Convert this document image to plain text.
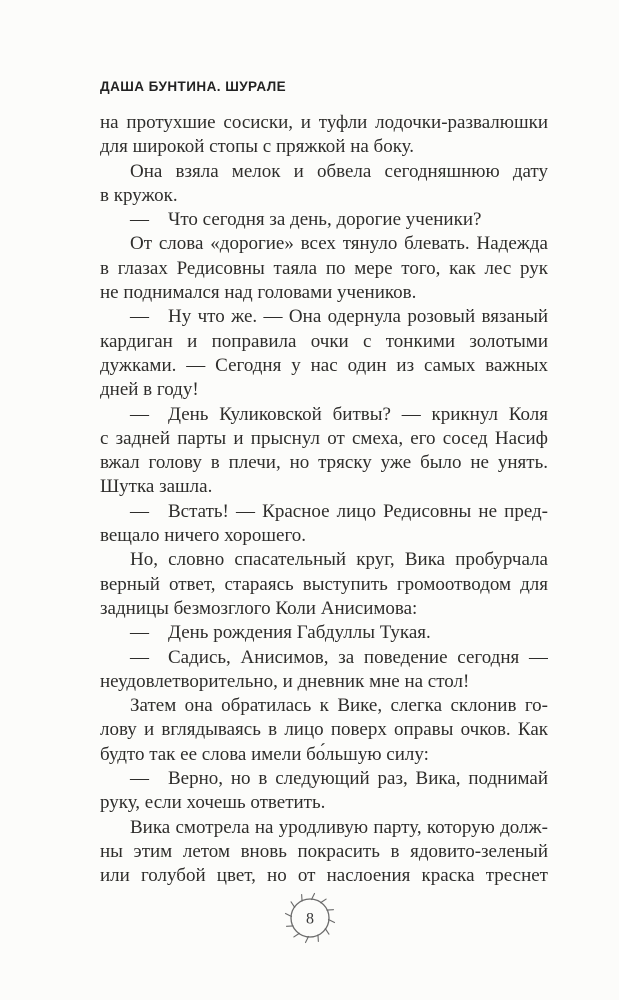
ДАША БУНТИНА. ШУРАЛЕ
на протухшие сосиски, и туфли лодочки-развалюшки
для широкой стопы с пряжкой на боку.
Она взяла мелок и обвела сегодняшнюю дату
в кружок.
— Что сегодня за день, дорогие ученики?
От слова «дорогие» всех тянуло блевать. Надежда
в глазах Редисовны таяла по мере того, как лес рук
не поднимался над головами учеников.
— Ну что же. — Она одернула розовый вязаный
кардиган и поправила очки с тонкими золотыми
дужками. — Сегодня у нас один из самых важных
дней в году!
— День Куликовской битвы? — крикнул Коля
с задней парты и прыснул от смеха, его сосед Насиф
вжал голову в плечи, но тряску уже было не унять.
Шутка зашла.
— Встать! — Красное лицо Редисовны не пред-
вещало ничего хорошего.
Но, словно спасательный круг, Вика пробурчала
верный ответ, стараясь выступить громоотводом для
задницы безмозглого Коли Анисимова:
— День рождения Габдуллы Тукая.
— Садись, Анисимов, за поведение сегодня —
неудовлетворительно, и дневник мне на стол!
Затем она обратилась к Вике, слегка склонив го-
лову и вглядываясь в лицо поверх оправы очков. Как
будто так ее слова имели бо́льшую силу:
— Верно, но в следующий раз, Вика, поднимай
руку, если хочешь ответить.
Вика смотрела на уродливую парту, которую долж-
ны этим летом вновь покрасить в ядовито-зеленый
или голубой цвет, но от наслоения краска треснет
8
